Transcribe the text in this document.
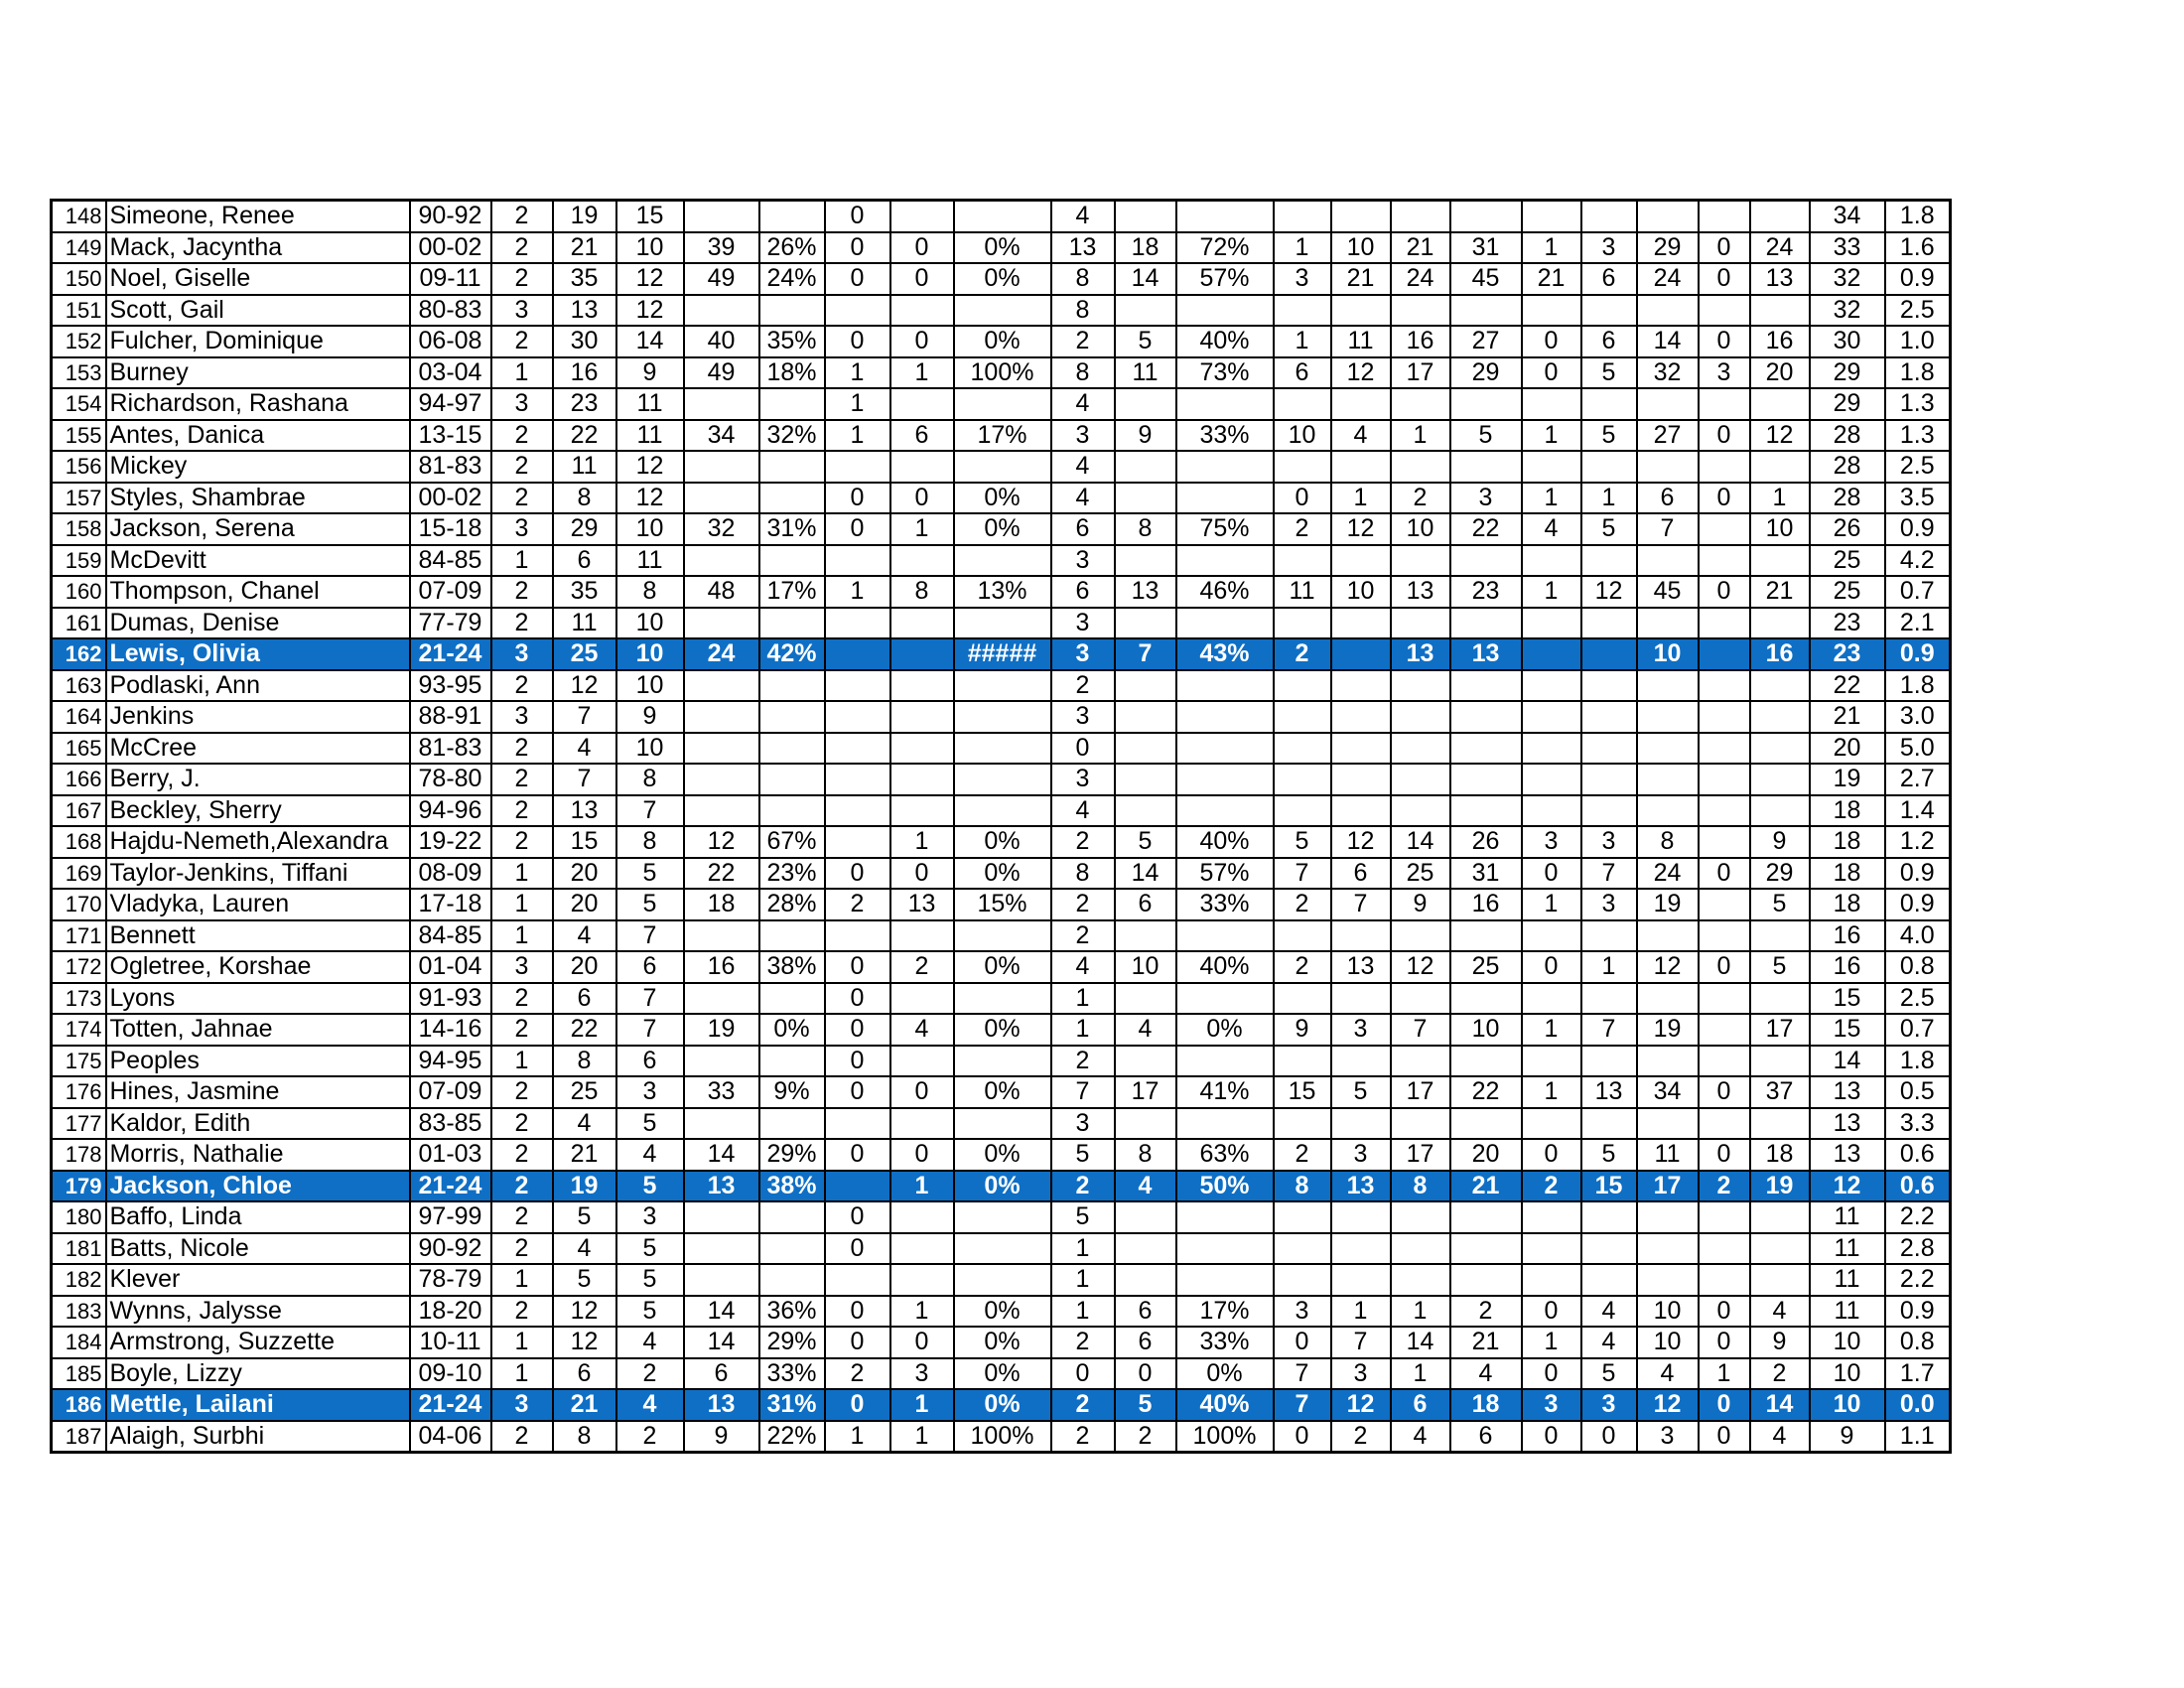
148	Simeone, Renee	90-92	2	19	15			0			4												34	1.8
149	Mack, Jacyntha	00-02	2	21	10	39	26%	0	0	0%	13	18	72%	1	10	21	31	1	3	29	0	24	33	1.6
150	Noel, Giselle	09-11	2	35	12	49	24%	0	0	0%	8	14	57%	3	21	24	45	21	6	24	0	13	32	0.9
151	Scott, Gail	80-83	3	13	12						8												32	2.5
152	Fulcher, Dominique	06-08	2	30	14	40	35%	0	0	0%	2	5	40%	1	11	16	27	0	6	14	0	16	30	1.0
153	Burney	03-04	1	16	9	49	18%	1	1	100%	8	11	73%	6	12	17	29	0	5	32	3	20	29	1.8
154	Richardson, Rashana	94-97	3	23	11			1			4												29	1.3
155	Antes, Danica	13-15	2	22	11	34	32%	1	6	17%	3	9	33%	10	4	1	5	1	5	27	0	12	28	1.3
156	Mickey	81-83	2	11	12						4												28	2.5
157	Styles, Shambrae	00-02	2	8	12			0	0	0%	4			0	1	2	3	1	1	6	0	1	28	3.5
158	Jackson, Serena	15-18	3	29	10	32	31%	0	1	0%	6	8	75%	2	12	10	22	4	5	7		10	26	0.9
159	McDevitt	84-85	1	6	11						3												25	4.2
160	Thompson, Chanel	07-09	2	35	8	48	17%	1	8	13%	6	13	46%	11	10	13	23	1	12	45	0	21	25	0.7
161	Dumas, Denise	77-79	2	11	10						3												23	2.1
162	Lewis, Olivia	21-24	3	25	10	24	42%			#####	3	7	43%	2		13	13			10		16	23	0.9
163	Podlaski, Ann	93-95	2	12	10						2												22	1.8
164	Jenkins	88-91	3	7	9						3												21	3.0
165	McCree	81-83	2	4	10						0												20	5.0
166	Berry, J.	78-80	2	7	8						3												19	2.7
167	Beckley, Sherry	94-96	2	13	7						4												18	1.4
168	Hajdu-Nemeth,Alexandra	19-22	2	15	8	12	67%		1	0%	2	5	40%	5	12	14	26	3	3	8		9	18	1.2
169	Taylor-Jenkins, Tiffani	08-09	1	20	5	22	23%	0	0	0%	8	14	57%	7	6	25	31	0	7	24	0	29	18	0.9
170	Vladyka, Lauren	17-18	1	20	5	18	28%	2	13	15%	2	6	33%	2	7	9	16	1	3	19		5	18	0.9
171	Bennett	84-85	1	4	7						2												16	4.0
172	Ogletree, Korshae	01-04	3	20	6	16	38%	0	2	0%	4	10	40%	2	13	12	25	0	1	12	0	5	16	0.8
173	Lyons	91-93	2	6	7			0			1												15	2.5
174	Totten, Jahnae	14-16	2	22	7	19	0%	0	4	0%	1	4	0%	9	3	7	10	1	7	19		17	15	0.7
175	Peoples	94-95	1	8	6			0			2												14	1.8
176	Hines, Jasmine	07-09	2	25	3	33	9%	0	0	0%	7	17	41%	15	5	17	22	1	13	34	0	37	13	0.5
177	Kaldor, Edith	83-85	2	4	5						3												13	3.3
178	Morris, Nathalie	01-03	2	21	4	14	29%	0	0	0%	5	8	63%	2	3	17	20	0	5	11	0	18	13	0.6
179	Jackson, Chloe	21-24	2	19	5	13	38%		1	0%	2	4	50%	8	13	8	21	2	15	17	2	19	12	0.6
180	Baffo, Linda	97-99	2	5	3			0			5												11	2.2
181	Batts, Nicole	90-92	2	4	5			0			1												11	2.8
182	Klever	78-79	1	5	5						1												11	2.2
183	Wynns, Jalysse	18-20	2	12	5	14	36%	0	1	0%	1	6	17%	3	1	1	2	0	4	10	0	4	11	0.9
184	Armstrong, Suzzette	10-11	1	12	4	14	29%	0	0	0%	2	6	33%	0	7	14	21	1	4	10	0	9	10	0.8
185	Boyle, Lizzy	09-10	1	6	2	6	33%	2	3	0%	0	0	0%	7	3	1	4	0	5	4	1	2	10	1.7
186	Mettle, Lailani	21-24	3	21	4	13	31%	0	1	0%	2	5	40%	7	12	6	18	3	3	12	0	14	10	0.0
187	Alaigh, Surbhi	04-06	2	8	2	9	22%	1	1	100%	2	2	100%	0	2	4	6	0	0	3	0	4	9	1.1
